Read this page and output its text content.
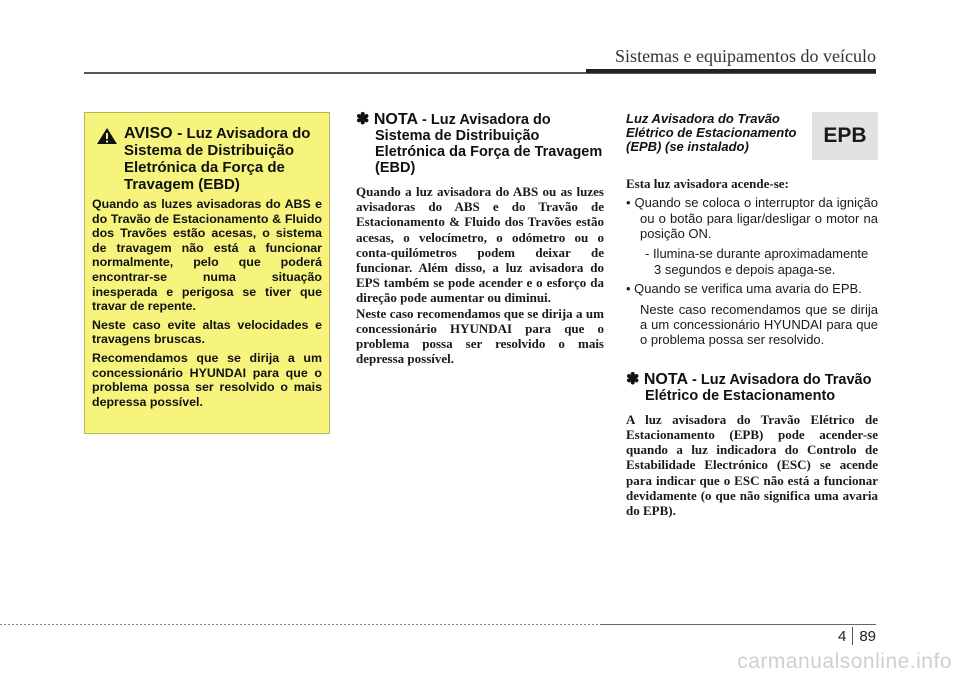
Sistemas e equipamentos do veículo
AVISO - Luz Avisadora do Sistema de Distribuição Eletrónica da Força de Travagem (EBD)

Quando as luzes avisadoras do ABS e do Travão de Estacionamento & Fluido dos Travões estão acesas, o sistema de travagem não está a funcionar normalmente, pelo que poderá encontrar-se numa situação inesperada e perigosa se tiver que travar de repente.

Neste caso evite altas velocidades e travagens bruscas.

Recomendamos que se dirija a um concessionário HYUNDAI para que o problema possa ser resolvido o mais depressa possível.

✽ NOTA - Luz Avisadora do Sistema de Distribuição Eletrónica da Força de Travagem (EBD)

Quando a luz avisadora do ABS ou as luzes avisadoras do ABS e do Travão de Estacionamento & Fluido dos Travões estão acesas, o velocímetro, o odómetro ou o conta-quilómetros podem deixar de funcionar. Além disso, a luz avisadora do EPS também se pode acender e o esforço da direção pode aumentar ou diminui.

Neste caso recomendamos que se dirija a um concessionário HYUNDAI para que o problema possa ser resolvido o mais depressa possível.

Luz Avisadora do Travão Elétrico de Estacionamento (EPB) (se instalado)	EPB

Esta luz avisadora acende-se:

• Quando se coloca o interruptor da ignição ou o botão para ligar/desligar o motor na posição ON.

- Ilumina-se durante aproximadamente 3 segundos e depois apaga-se.

• Quando se verifica uma avaria do EPB.

Neste caso recomendamos que se dirija a um concessionário HYUNDAI para que o problema possa ser resolvido.

✽ NOTA - Luz Avisadora do Travão Elétrico de Estacionamento

A luz avisadora do Travão Elétrico de Estacionamento (EPB) pode acender-se quando a luz indicadora do Controlo de Estabilidade Electrónico (ESC) se acende para indicar que o ESC não está a funcionar devidamente (o que não significa uma avaria do EPB).

4 89
carmanualsonline.info
